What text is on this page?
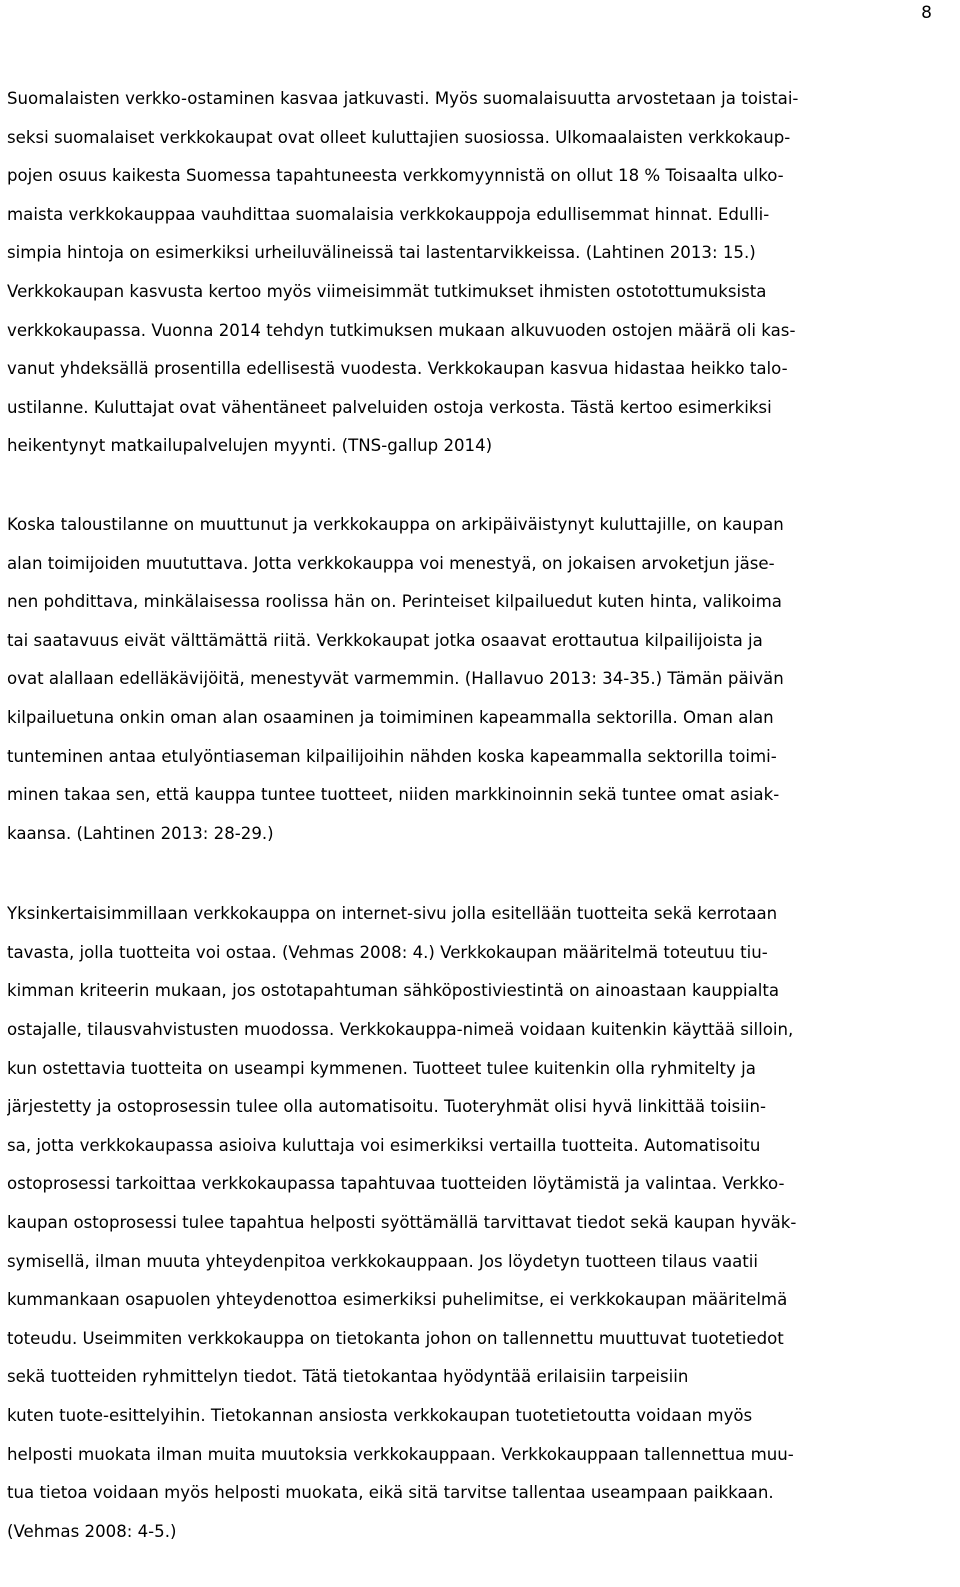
8

Suomalaisten verkko-ostaminen kasvaa jatkuvasti. Myös suomalaisuutta arvostetaan ja toistai-
seksi suomalaiset verkkokaupat ovat olleet kuluttajien suosiossa. Ulkomaalaisten verkkokaup-
pojen osuus kaikesta Suomessa tapahtuneesta verkkomyynnistä on ollut 18 % Toisaalta ulko-
maista verkkokauppaa vauhdittaa suomalaisia verkkokauppoja edullisemmat hinnat. Edulli-
simpia hintoja on esimerkiksi urheiluvälineissä tai lastentarvikkeissa. (Lahtinen 2013: 15.)
Verkkokaupan kasvusta kertoo myös viimeisimmät tutkimukset ihmisten ostotottumuksista
verkkokaupassa. Vuonna 2014 tehdyn tutkimuksen mukaan alkuvuoden ostojen määrä oli kas-
vanut yhdeksällä prosentilla edellisestä vuodesta. Verkkokaupan kasvua hidastaa heikko talo-
ustilanne. Kuluttajat ovat vähentäneet palveluiden ostoja verkosta. Tästä kertoo esimerkiksi
heikentynyt matkailupalvelujen myynti. (TNS-gallup 2014)

Koska taloustilanne on muuttunut ja verkkokauppa on arkipäiväistynyt kuluttajille, on kaupan
alan toimijoiden muututtava. Jotta verkkokauppa voi menestyä, on jokaisen arvoketjun jäse-
nen pohdittava, minkälaisessa roolissa hän on. Perinteiset kilpailuedut kuten hinta, valikoima
tai saatavuus eivät välttämättä riitä. Verkkokaupat jotka osaavat erottautua kilpailijoista ja
ovat alallaan edelläkävijöitä, menestyvät varmemmin. (Hallavuo 2013: 34-35.) Tämän päivän
kilpailuetuna onkin oman alan osaaminen ja toimiminen kapeammalla sektorilla. Oman alan
tunteminen antaa etulyöntiaseman kilpailijoihin nähden koska kapeammalla sektorilla toimi-
minen takaa sen, että kauppa tuntee tuotteet, niiden markkinoinnin sekä tuntee omat asiak-
kaansa. (Lahtinen 2013: 28-29.)

Yksinkertaisimmillaan verkkokauppa on internet-sivu jolla esitellään tuotteita sekä kerrotaan
tavasta, jolla tuotteita voi ostaa. (Vehmas 2008: 4.) Verkkokaupan määritelmä toteutuu tiu-
kimman kriteerin mukaan, jos ostotapahtuman sähköpostiviestintä on ainoastaan kauppialta
ostajalle, tilausvahvistusten muodossa. Verkkokauppa-nimeä voidaan kuitenkin käyttää silloin,
kun ostettavia tuotteita on useampi kymmenen. Tuotteet tulee kuitenkin olla ryhmitelty ja
järjestetty ja ostoprosessin tulee olla automatisoitu. Tuoteryhmät olisi hyvä linkittää toisiin-
sa, jotta verkkokaupassa asioiva kuluttaja voi esimerkiksi vertailla tuotteita. Automatisoitu
ostoprosessi tarkoittaa verkkokaupassa tapahtuvaa tuotteiden löytämistä ja valintaa. Verkko-
kaupan ostoprosessi tulee tapahtua helposti syöttämällä tarvittavat tiedot sekä kaupan hyväk-
symisellä, ilman muuta yhteydenpitoa verkkokauppaan. Jos löydetyn tuotteen tilaus vaatii
kummankaan osapuolen yhteydenottoa esimerkiksi puhelimitse, ei verkkokaupan määritelmä
toteudu. Useimmiten verkkokauppa on tietokanta johon on tallennettu muuttuvat tuotetiedot
sekä tuotteiden ryhmittelyn tiedot. Tätä tietokantaa hyödyntää erilaisiin tarpeisiin
kuten tuote-esittelyihin. Tietokannan ansiosta verkkokaupan tuotetietoutta voidaan myös
helposti muokata ilman muita muutoksia verkkokauppaan. Verkkokauppaan tallennettua muu-
tua tietoa voidaan myös helposti muokata, eikä sitä tarvitse tallentaa useampaan paikkaan.
(Vehmas 2008: 4-5.)
